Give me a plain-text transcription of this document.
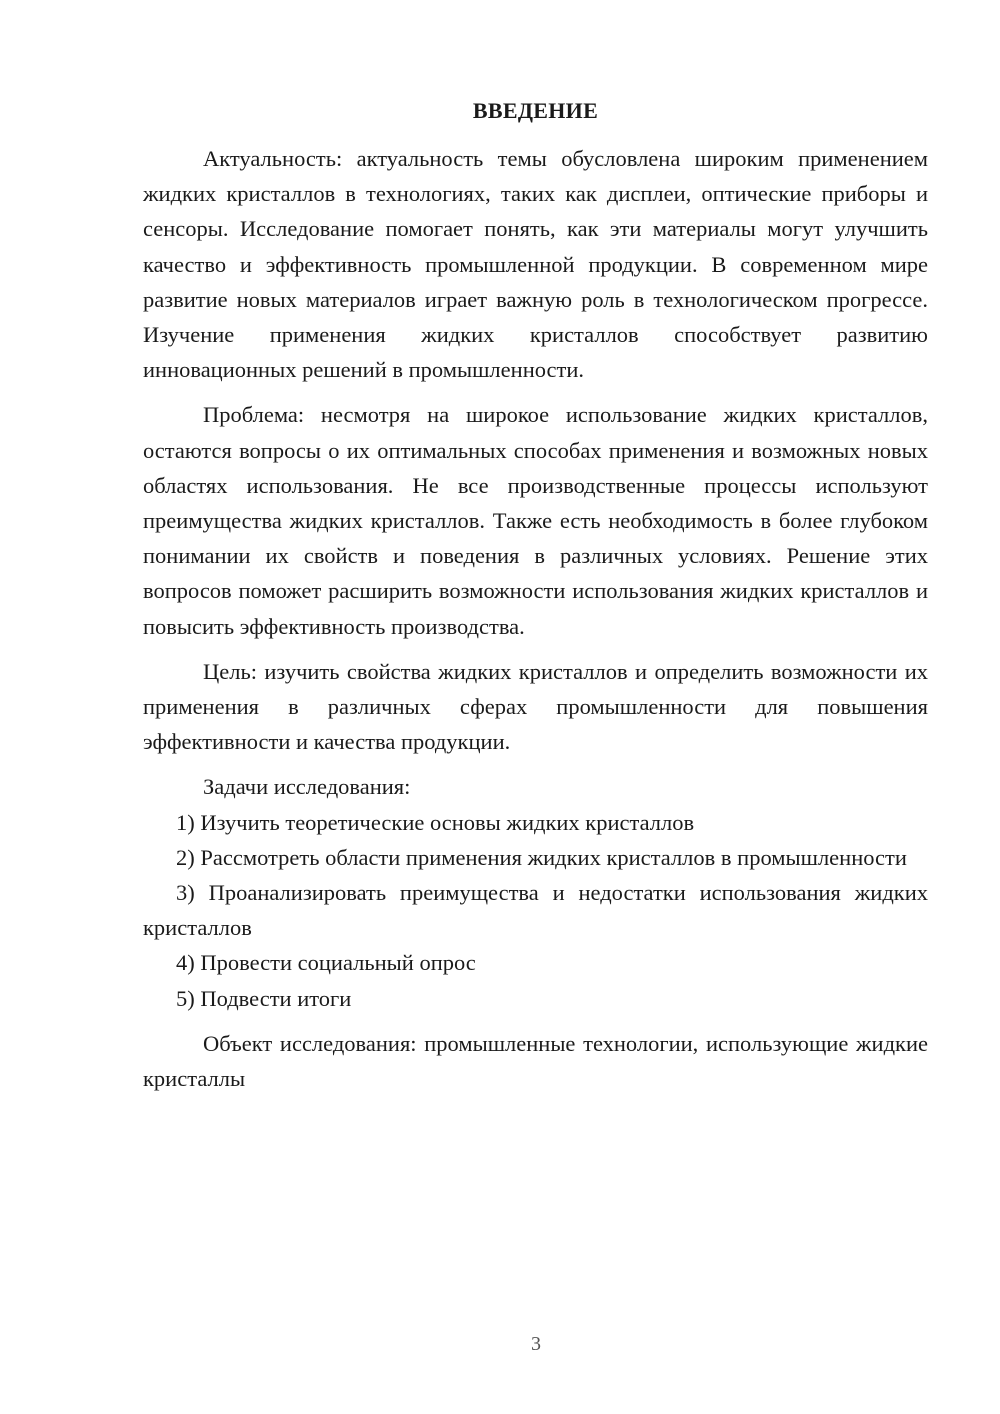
ВВЕДЕНИЕ

Актуальность: актуальность темы обусловлена широким применением жидких кристаллов в технологиях, таких как дисплеи, оптические приборы и сенсоры. Исследование помогает понять, как эти материалы могут улучшить качество и эффективность промышленной продукции. В современном мире развитие новых материалов играет важную роль в технологическом прогрессе. Изучение применения жидких кристаллов способствует развитию инновационных решений в промышленности.

Проблема: несмотря на широкое использование жидких кристаллов, остаются вопросы о их оптимальных способах применения и возможных новых областях использования. Не все производственные процессы используют преимущества жидких кристаллов. Также есть необходимость в более глубоком понимании их свойств и поведения в различных условиях. Решение этих вопросов поможет расширить возможности использования жидких кристаллов и повысить эффективность производства.

Цель: изучить свойства жидких кристаллов и определить возможности их применения в различных сферах промышленности для повышения эффективности и качества продукции.

Задачи исследования:

1) Изучить теоретические основы жидких кристаллов

2) Рассмотреть области применения жидких кристаллов в промышленности

3) Проанализировать преимущества и недостатки использования жидких кристаллов

4) Провести социальный опрос

5) Подвести итоги

Объект исследования: промышленные технологии, использующие жидкие кристаллы

3
